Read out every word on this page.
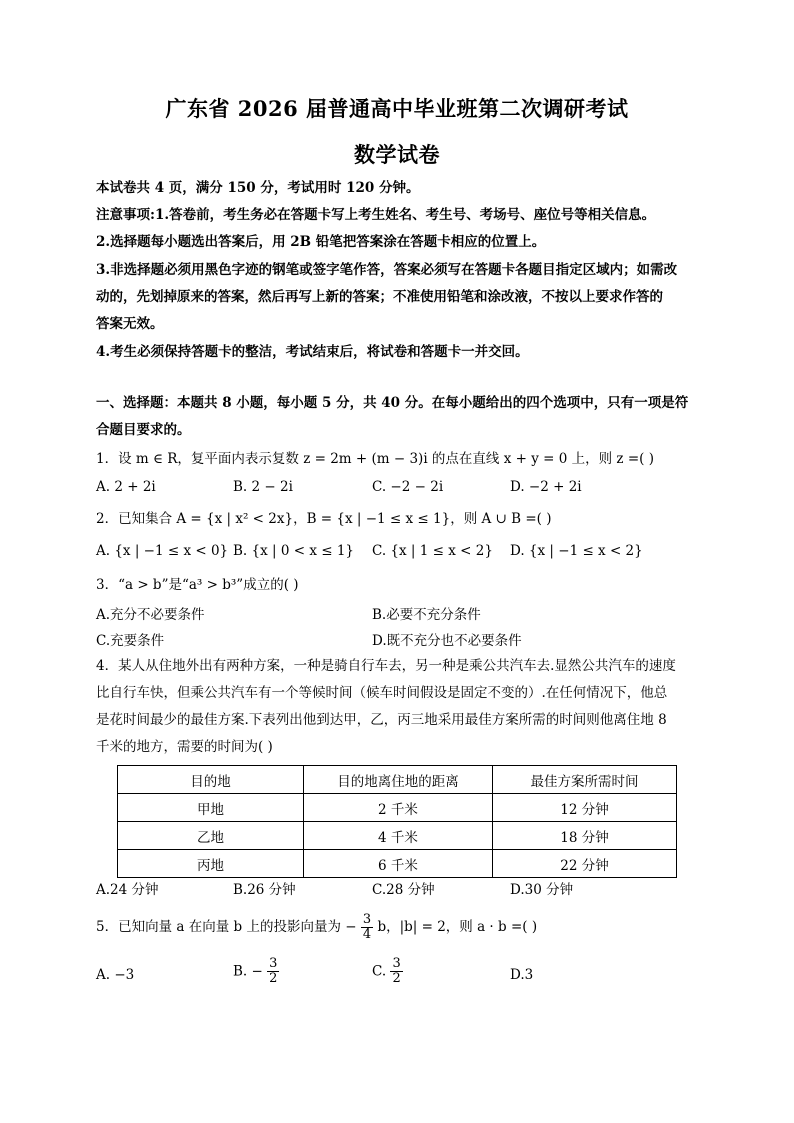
广东省 2026 届普通高中毕业班第二次调研考试
数学试卷
本试卷共 4 页，满分 150 分，考试用时 120 分钟。
注意事项:1.答卷前，考生务必在答题卡写上考生姓名、考生号、考场号、座位号等相关信息。
2.选择题每小题选出答案后，用 2B 铅笔把答案涂在答题卡相应的位置上。
3.非选择题必须用黑色字迹的钢笔或签字笔作答，答案必须写在答题卡各题目指定区域内；如需改
动的，先划掉原来的答案，然后再写上新的答案；不准使用铅笔和涂改液，不按以上要求作答的
答案无效。
4.考生必须保持答题卡的整洁，考试结束后，将试卷和答题卡一并交回。
一、选择题：本题共 8 小题，每小题 5 分，共 40 分。在每小题给出的四个选项中，只有一项是符
合题目要求的。
1．设 m ∈ R，复平面内表示复数 z = 2m + (m − 3)i 的点在直线 x + y = 0 上，则 z =( )
A. 2 + 2i	B. 2 − 2i	C. −2 − 2i	D. −2 + 2i
2．已知集合 A = {x | x² < 2x}，B = {x | −1 ≤ x ≤ 1}，则 A ∪ B =( )
A. {x | −1 ≤ x < 0} B. {x | 0 < x ≤ 1} C. {x | 1 ≤ x < 2} D. {x | −1 ≤ x < 2}
3．“a > b”是“a³ > b³”成立的( )
A.充分不必要条件	B.必要不充分条件
C.充要条件	D.既不充分也不必要条件
4．某人从住地外出有两种方案，一种是骑自行车去，另一种是乘公共汽车去.显然公共汽车的速度
比自行车快，但乘公共汽车有一个等候时间（候车时间假设是固定不变的）.在任何情况下，他总
是花时间最少的最佳方案.下表列出他到达甲，乙，丙三地采用最佳方案所需的时间则他离住地 8
千米的地方，需要的时间为( )
目的地	目的地离住地的距离	最佳方案所需时间
甲地	2 千米	12 分钟
乙地	4 千米	18 分钟
丙地	6 千米	22 分钟
A.24 分钟	B.26 分钟	C.28 分钟	D.30 分钟
5．已知向量 a 在向量 b 上的投影向量为 − $\frac{3}{4}$ b，|b| = 2，则 a · b =( )
A. −3	B. − $\frac{3}{2}$	C. $\frac{3}{2}$	D.3
